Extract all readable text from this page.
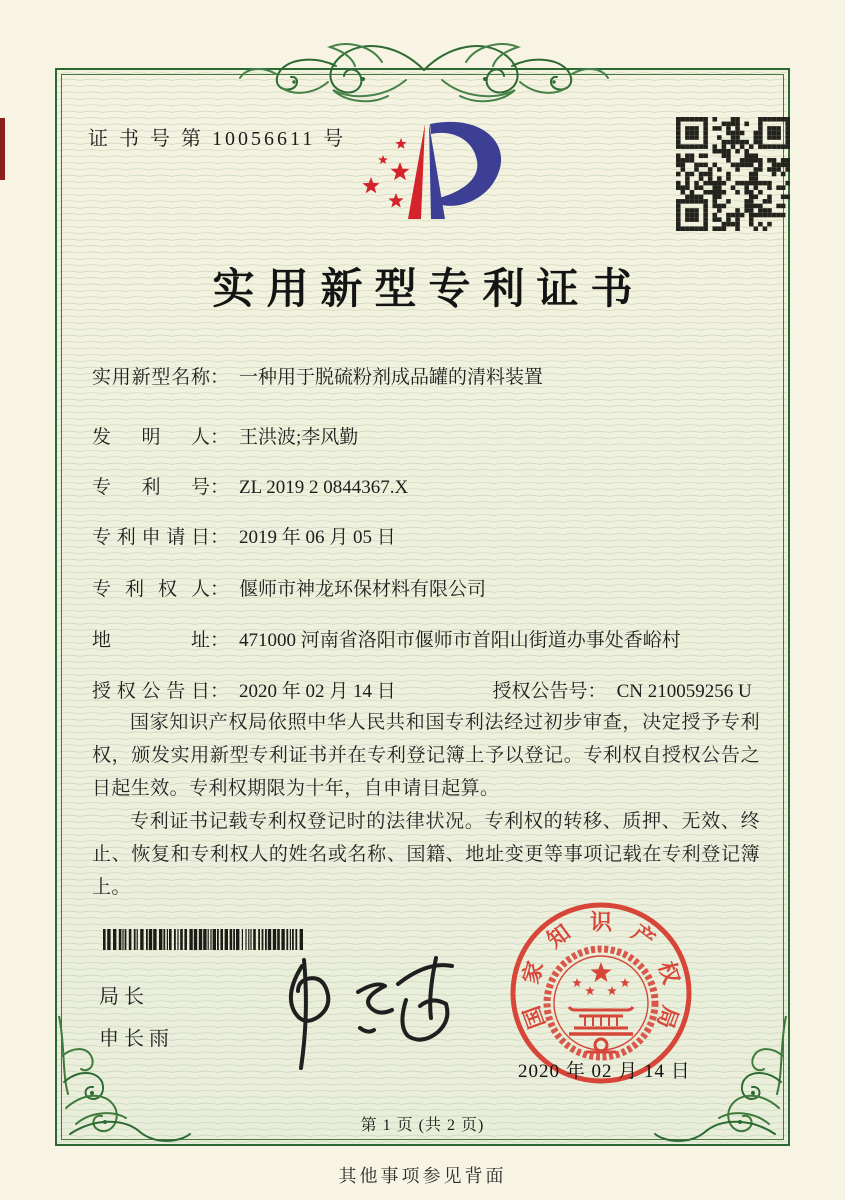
证 书 号 第 10056611 号
实用新型专利证书
实用新型名称： 一种用于脱硫粉剂成品罐的清料装置
发明人： 王洪波;李风勤
专利号： ZL 2019 2 0844367.X
专利申请日： 2019 年 06 月 05 日
专利权人： 偃师市神龙环保材料有限公司
地址： 471000 河南省洛阳市偃师市首阳山街道办事处香峪村
授权公告日： 2020 年 02 月 14 日	授权公告号： CN 210059256 U

国家知识产权局依照中华人民共和国专利法经过初步审查，决定授予专利权，颁发实用新型专利证书并在专利登记簿上予以登记。专利权自授权公告之日起生效。专利权期限为十年，自申请日起算。

专利证书记载专利权登记时的法律状况。专利权的转移、质押、无效、终止、恢复和专利权人的姓名或名称、国籍、地址变更等事项记载在专利登记簿上。

局长
申长雨
国
家
知 识 产
权
局
2020 年 02 月 14 日
第 1 页 (共 2 页)
其他事项参见背面
